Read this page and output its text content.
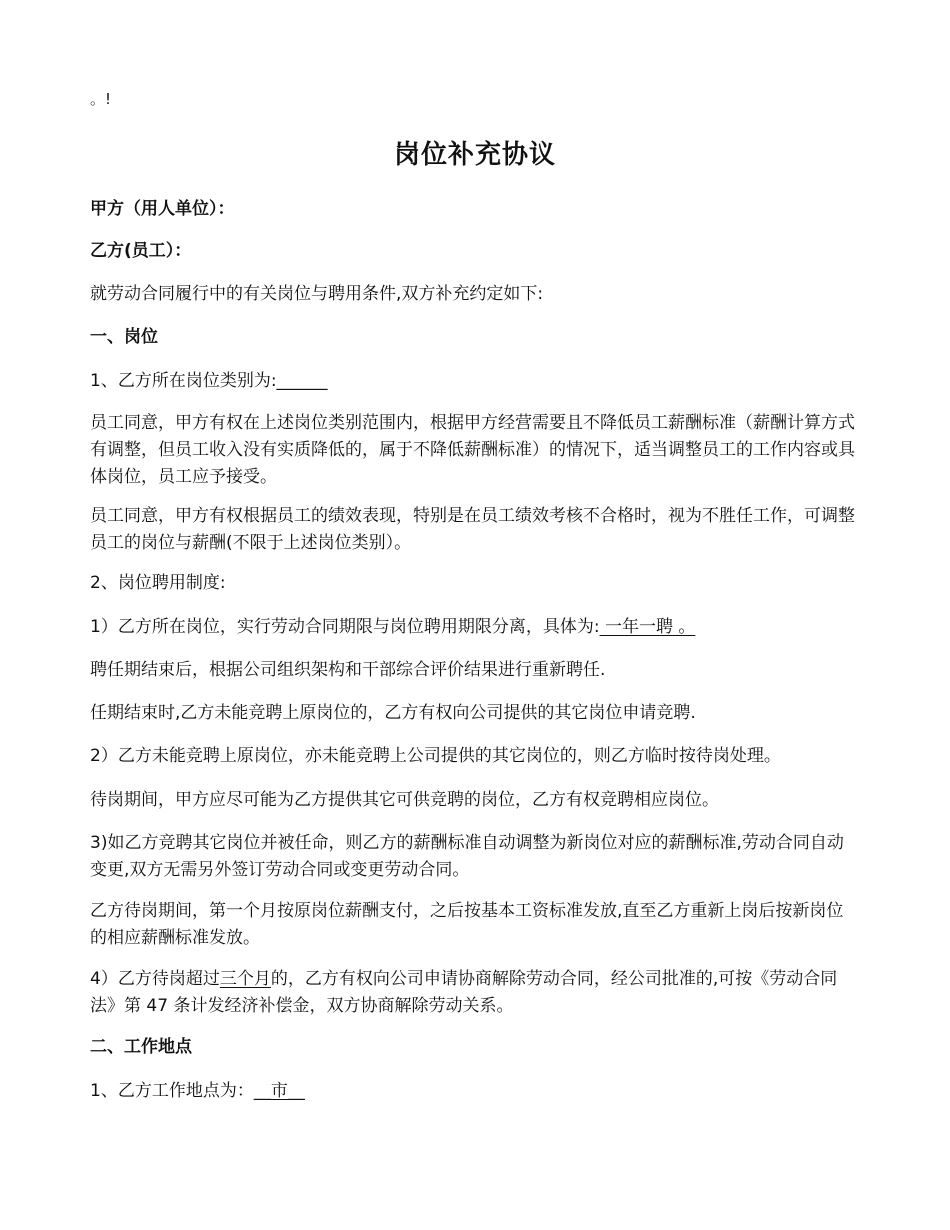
。!
岗位补充协议

甲方（用人单位）：

乙方(员工）：

就劳动合同履行中的有关岗位与聘用条件,双方补充约定如下:

一、岗位

1、乙方所在岗位类别为:______

员工同意，甲方有权在上述岗位类别范围内，根据甲方经营需要且不降低员工薪酬标准（薪酬计算方式有调整，但员工收入没有实质降低的，属于不降低薪酬标准）的情况下，适当调整员工的工作内容或具体岗位，员工应予接受。

员工同意，甲方有权根据员工的绩效表现，特别是在员工绩效考核不合格时，视为不胜任工作，可调整员工的岗位与薪酬(不限于上述岗位类别）。

2、岗位聘用制度:

1）乙方所在岗位，实行劳动合同期限与岗位聘用期限分离，具体为: 一年一聘 。

聘任期结束后，根据公司组织架构和干部综合评价结果进行重新聘任.

任期结束时,乙方未能竞聘上原岗位的，乙方有权向公司提供的其它岗位申请竞聘.

2）乙方未能竞聘上原岗位，亦未能竞聘上公司提供的其它岗位的，则乙方临时按待岗处理。

待岗期间，甲方应尽可能为乙方提供其它可供竞聘的岗位，乙方有权竞聘相应岗位。

3)如乙方竞聘其它岗位并被任命，则乙方的薪酬标准自动调整为新岗位对应的薪酬标准,劳动合同自动变更,双方无需另外签订劳动合同或变更劳动合同。

乙方待岗期间，第一个月按原岗位薪酬支付，之后按基本工资标准发放,直至乙方重新上岗后按新岗位的相应薪酬标准发放。

4）乙方待岗超过三个月的，乙方有权向公司申请协商解除劳动合同，经公司批准的,可按《劳动合同法》第 47 条计发经济补偿金，双方协商解除劳动关系。

二、工作地点

1、乙方工作地点为：__市__
